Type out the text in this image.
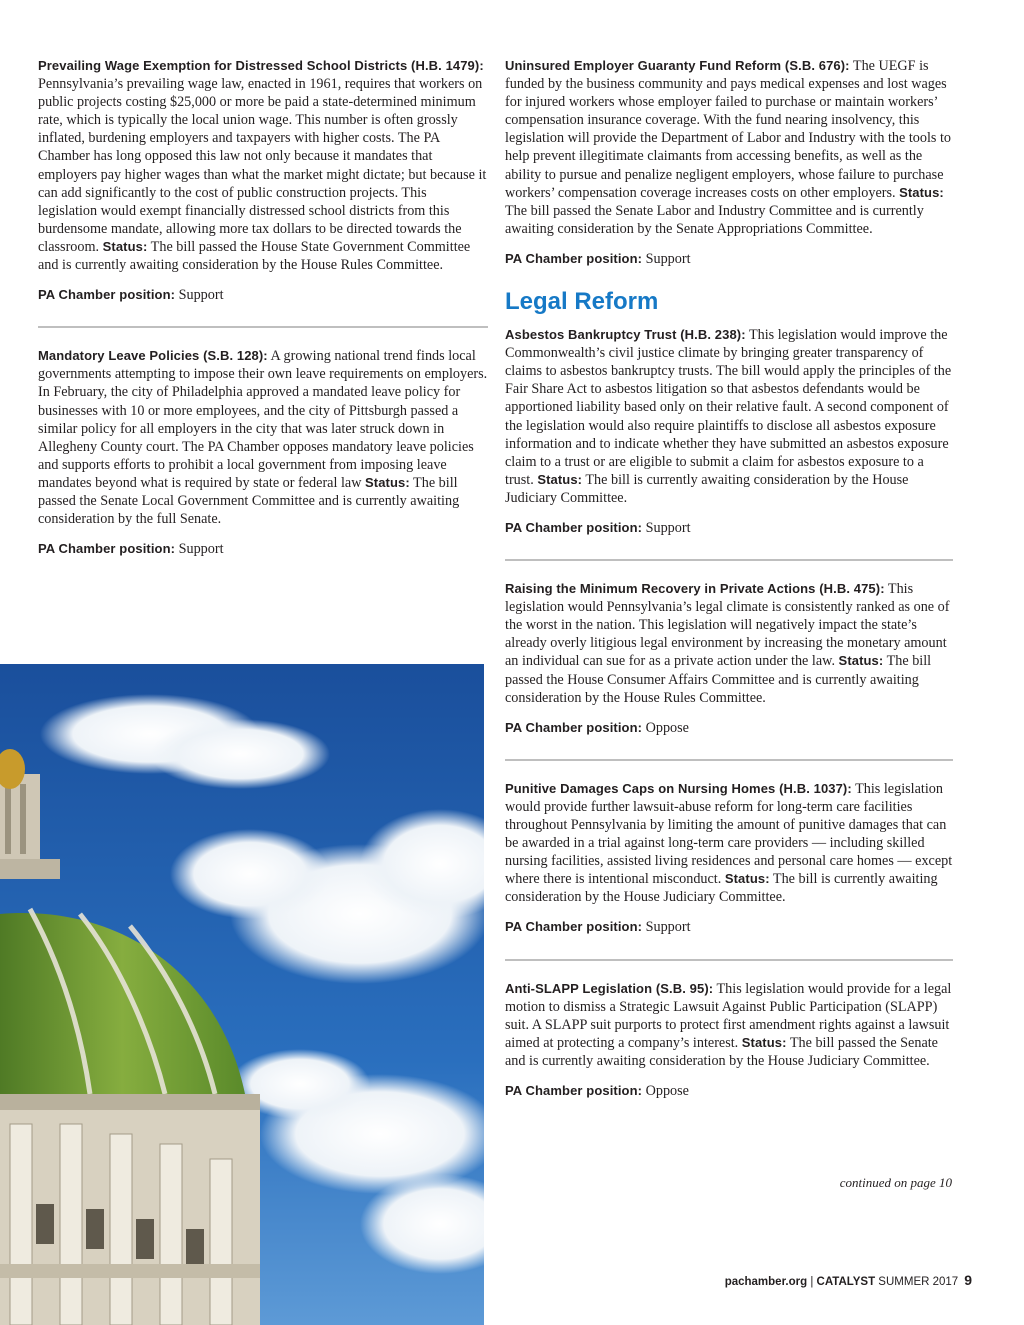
Prevailing Wage Exemption for Distressed School Districts (H.B. 1479): Pennsylvania’s prevailing wage law, enacted in 1961, requires that workers on public projects costing $25,000 or more be paid a state-determined minimum rate, which is typically the local union wage. This number is often grossly inflated, burdening employers and taxpayers with higher costs. The PA Chamber has long opposed this law not only because it mandates that employers pay higher wages than what the market might dictate; but because it can add significantly to the cost of public construction projects. This legislation would exempt financially distressed school districts from this burdensome mandate, allowing more tax dollars to be directed towards the classroom. Status: The bill passed the House State Government Committee and is currently awaiting consideration by the House Rules Committee.

PA Chamber position: Support

Mandatory Leave Policies (S.B. 128): A growing national trend finds local governments attempting to impose their own leave requirements on employers. In February, the city of Philadelphia approved a mandated leave policy for businesses with 10 or more employees, and the city of Pittsburgh passed a similar policy for all employers in the city that was later struck down in Allegheny County court. The PA Chamber opposes mandatory leave policies and supports efforts to prohibit a local government from imposing leave mandates beyond what is required by state or federal law Status: The bill passed the Senate Local Government Committee and is currently awaiting consideration by the full Senate.

PA Chamber position: Support

Uninsured Employer Guaranty Fund Reform (S.B. 676): The UEGF is funded by the business community and pays medical expenses and lost wages for injured workers whose employer failed to purchase or maintain workers’ compensation insurance coverage. With the fund nearing insolvency, this legislation will provide the Department of Labor and Industry with the tools to help prevent illegitimate claimants from accessing benefits, as well as the ability to pursue and penalize negligent employers, whose failure to purchase workers’ compensation coverage increases costs on other employers. Status: The bill passed the Senate Labor and Industry Committee and is currently awaiting consideration by the Senate Appropriations Committee.

PA Chamber position: Support

Legal Reform

Asbestos Bankruptcy Trust (H.B. 238): This legislation would improve the Commonwealth’s civil justice climate by bringing greater transparency of claims to asbestos bankruptcy trusts. The bill would apply the principles of the Fair Share Act to asbestos litigation so that asbestos defendants would be apportioned liability based only on their relative fault. A second component of the legislation would also require plaintiffs to disclose all asbestos exposure information and to indicate whether they have submitted an asbestos exposure claim to a trust or are eligible to submit a claim for asbestos exposure to a trust. Status: The bill is currently awaiting consideration by the House Judiciary Committee.

PA Chamber position: Support

Raising the Minimum Recovery in Private Actions (H.B. 475): This legislation would Pennsylvania’s legal climate is consistently ranked as one of the worst in the nation. This legislation will negatively impact the state’s already overly litigious legal environment by increasing the monetary amount an individual can sue for as a private action under the law. Status: The bill passed the House Consumer Affairs Committee and is currently awaiting consideration by the House Rules Committee.

PA Chamber position: Oppose

Punitive Damages Caps on Nursing Homes (H.B. 1037): This legislation would provide further lawsuit-abuse reform for long-term care facilities throughout Pennsylvania by limiting the amount of punitive damages that can be awarded in a trial against long-term care providers — including skilled nursing facilities, assisted living residences and personal care homes — except where there is intentional misconduct. Status: The bill is currently awaiting consideration by the House Judiciary Committee.

PA Chamber position: Support

Anti-SLAPP Legislation (S.B. 95): This legislation would provide for a legal motion to dismiss a Strategic Lawsuit Against Public Participation (SLAPP) suit. A SLAPP suit purports to protect first amendment rights against a lawsuit aimed at protecting a company’s interest. Status: The bill passed the Senate and is currently awaiting consideration by the House Judiciary Committee.

PA Chamber position: Oppose

continued on page 10
pachamber.org | CATALYST SUMMER 2017 9
